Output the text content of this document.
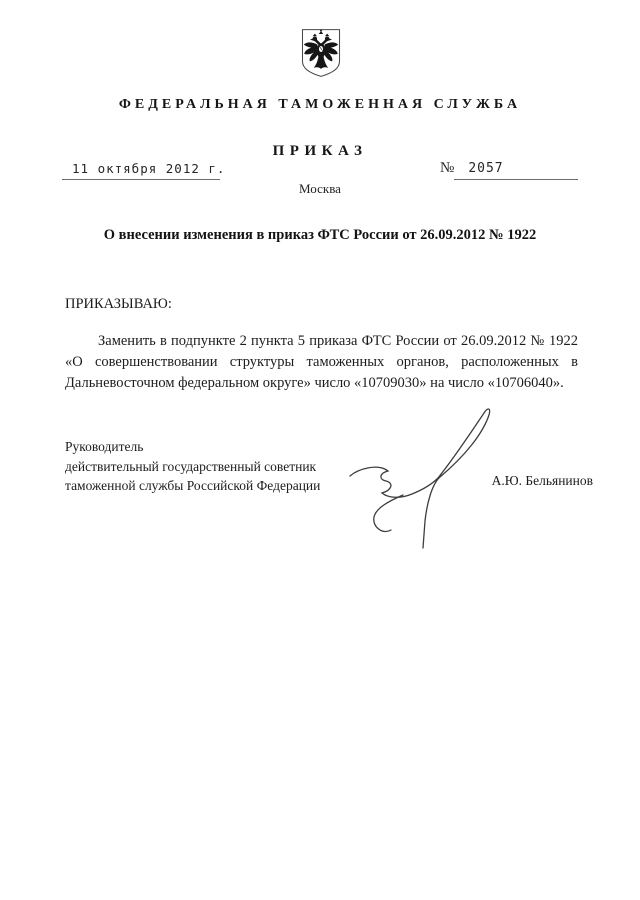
ФЕДЕРАЛЬНАЯ ТАМОЖЕННАЯ СЛУЖБА
ПРИКАЗ
11 октября 2012 г.	№	2057
Москва
О внесении изменения в приказ ФТС России от 26.09.2012 № 1922
ПРИКАЗЫВАЮ:
Заменить в подпункте 2 пункта 5 приказа ФТС России от 26.09.2012 № 1922 «О совершенствовании структуры таможенных органов, расположенных в Дальневосточном федеральном округе» число «10709030» на число «10706040».
Руководитель
действительный государственный советник
таможенной службы Российской Федерации	А.Ю. Бельянинов
